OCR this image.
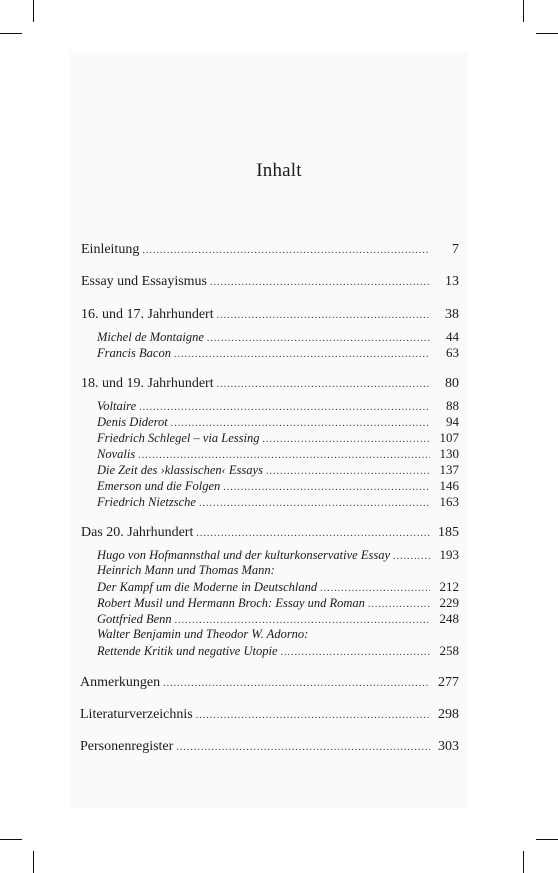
Inhalt
Einleitung .....	7
Essay und Essayismus .....	13
16. und 17. Jahrhundert .....	38
Michel de Montaigne .....	44
Francis Bacon .....	63
18. und 19. Jahrhundert .....	80
Voltaire .....	88
Denis Diderot .....	94
Friedrich Schlegel – via Lessing .....	107
Novalis .....	130
Die Zeit des ›klassischen‹ Essays .....	137
Emerson und die Folgen .....	146
Friedrich Nietzsche .....	163
Das 20. Jahrhundert .....	185
Hugo von Hofmannsthal und der kulturkonservative Essay .....	193
Heinrich Mann und Thomas Mann:
Der Kampf um die Moderne in Deutschland .....	212
Robert Musil und Hermann Broch: Essay und Roman .....	229
Gottfried Benn .....	248
Walter Benjamin und Theodor W. Adorno:
Rettende Kritik und negative Utopie .....	258
Anmerkungen .....	277
Literaturverzeichnis .....	298
Personenregister .....	303
